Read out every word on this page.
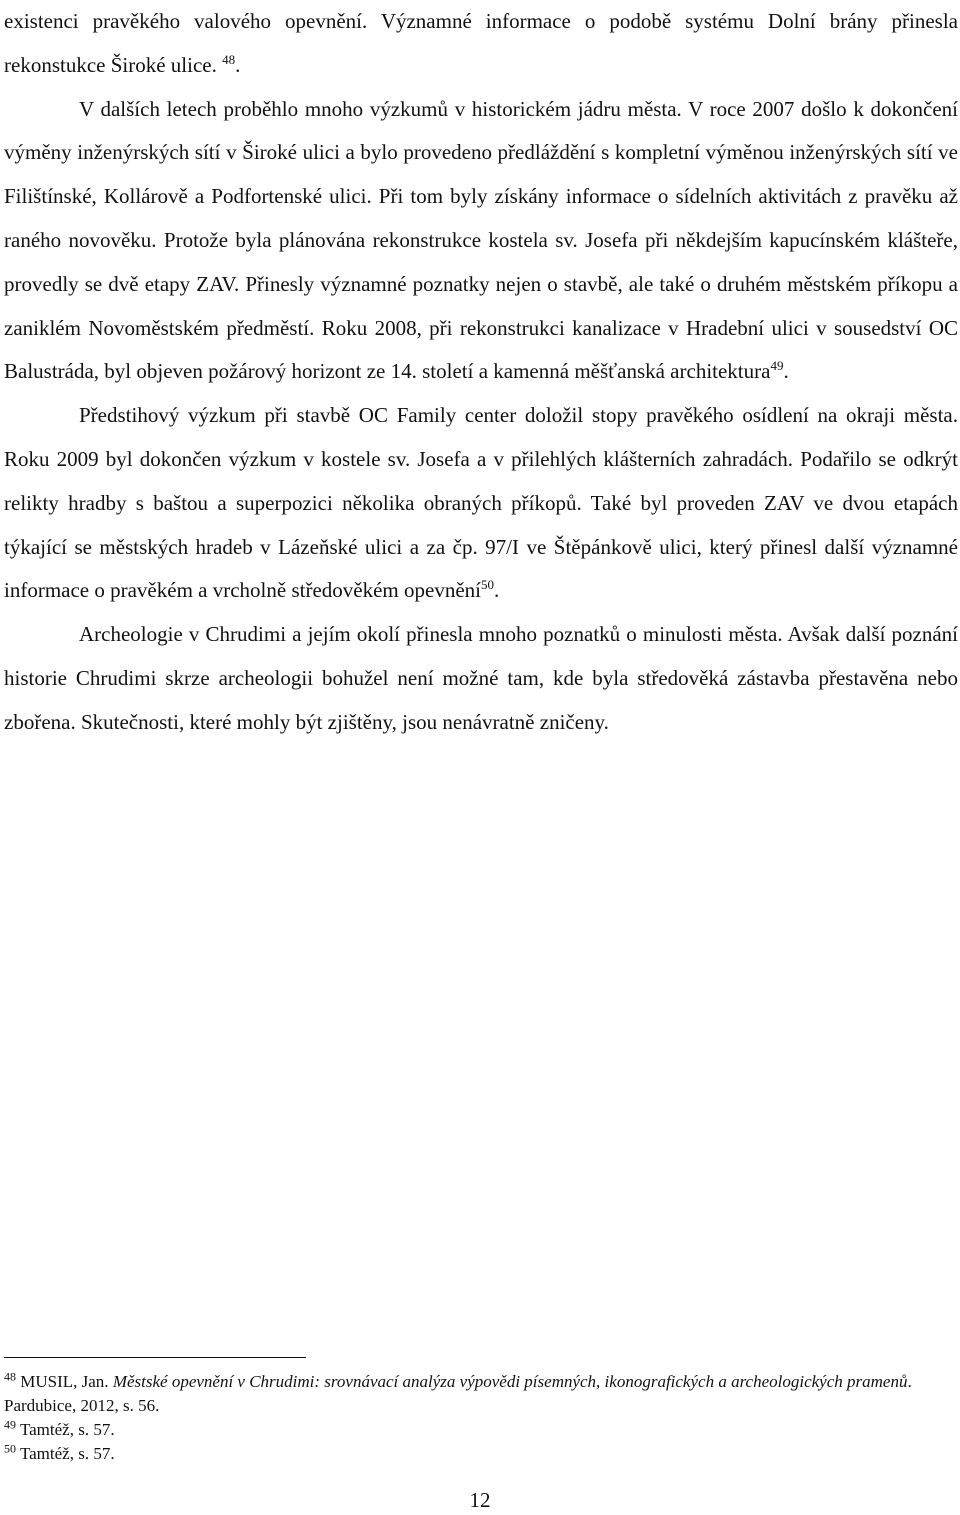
existenci pravěkého valového opevnění. Významné informace o podobě systému Dolní brány přinesla rekonstukce Široké ulice. $^{48}$.

V dalších letech proběhlo mnoho výzkumů v historickém jádru města. V roce 2007 došlo k dokončení výměny inženýrských sítí v Široké ulici a bylo provedeno předláždění s kompletní výměnou inženýrských sítí ve Filištínské, Kollárově a Podfortenské ulici. Při tom byly získány informace o sídelních aktivitách z pravěku až raného novověku. Protože byla plánována rekonstrukce kostela sv. Josefa při někdejším kapucínském klášteře, provedly se dvě etapy ZAV. Přinesly významné poznatky nejen o stavbě, ale také o druhém městském příkopu a zaniklém Novoměstském předměstí. Roku 2008, při rekonstrukci kanalizace v Hradební ulici v sousedství OC Balustráda, byl objeven požárový horizont ze 14. století a kamenná měšťanská architektura$^{49}$.

Předstihový výzkum při stavbě OC Family center doložil stopy pravěkého osídlení na okraji města. Roku 2009 byl dokončen výzkum v kostele sv. Josefa a v přilehlých klášterních zahradách. Podařilo se odkrýt relikty hradby s baštou a superpozici několika obraných příkopů. Také byl proveden ZAV ve dvou etapách týkající se městských hradeb v Lázeňské ulici a za čp. 97/I ve Štěpánkově ulici, který přinesl další významné informace o pravěkém a vrcholně středověkém opevnění$^{50}$.

Archeologie v Chrudimi a jejím okolí přinesla mnoho poznatků o minulosti města. Avšak další poznání historie Chrudimi skrze archeologii bohužel není možné tam, kde byla středověká zástavba přestavěna nebo zbořena. Skutečnosti, které mohly být zjištěny, jsou nenávratně zničeny.

$^{48}$ MUSIL, Jan. Městské opevnění v Chrudimi: srovnávací analýza výpovědi písemných, ikonografických a archeologických pramenů. Pardubice, 2012, s. 56.

$^{49}$ Tamtéž, s. 57.

$^{50}$ Tamtéž, s. 57.

12
